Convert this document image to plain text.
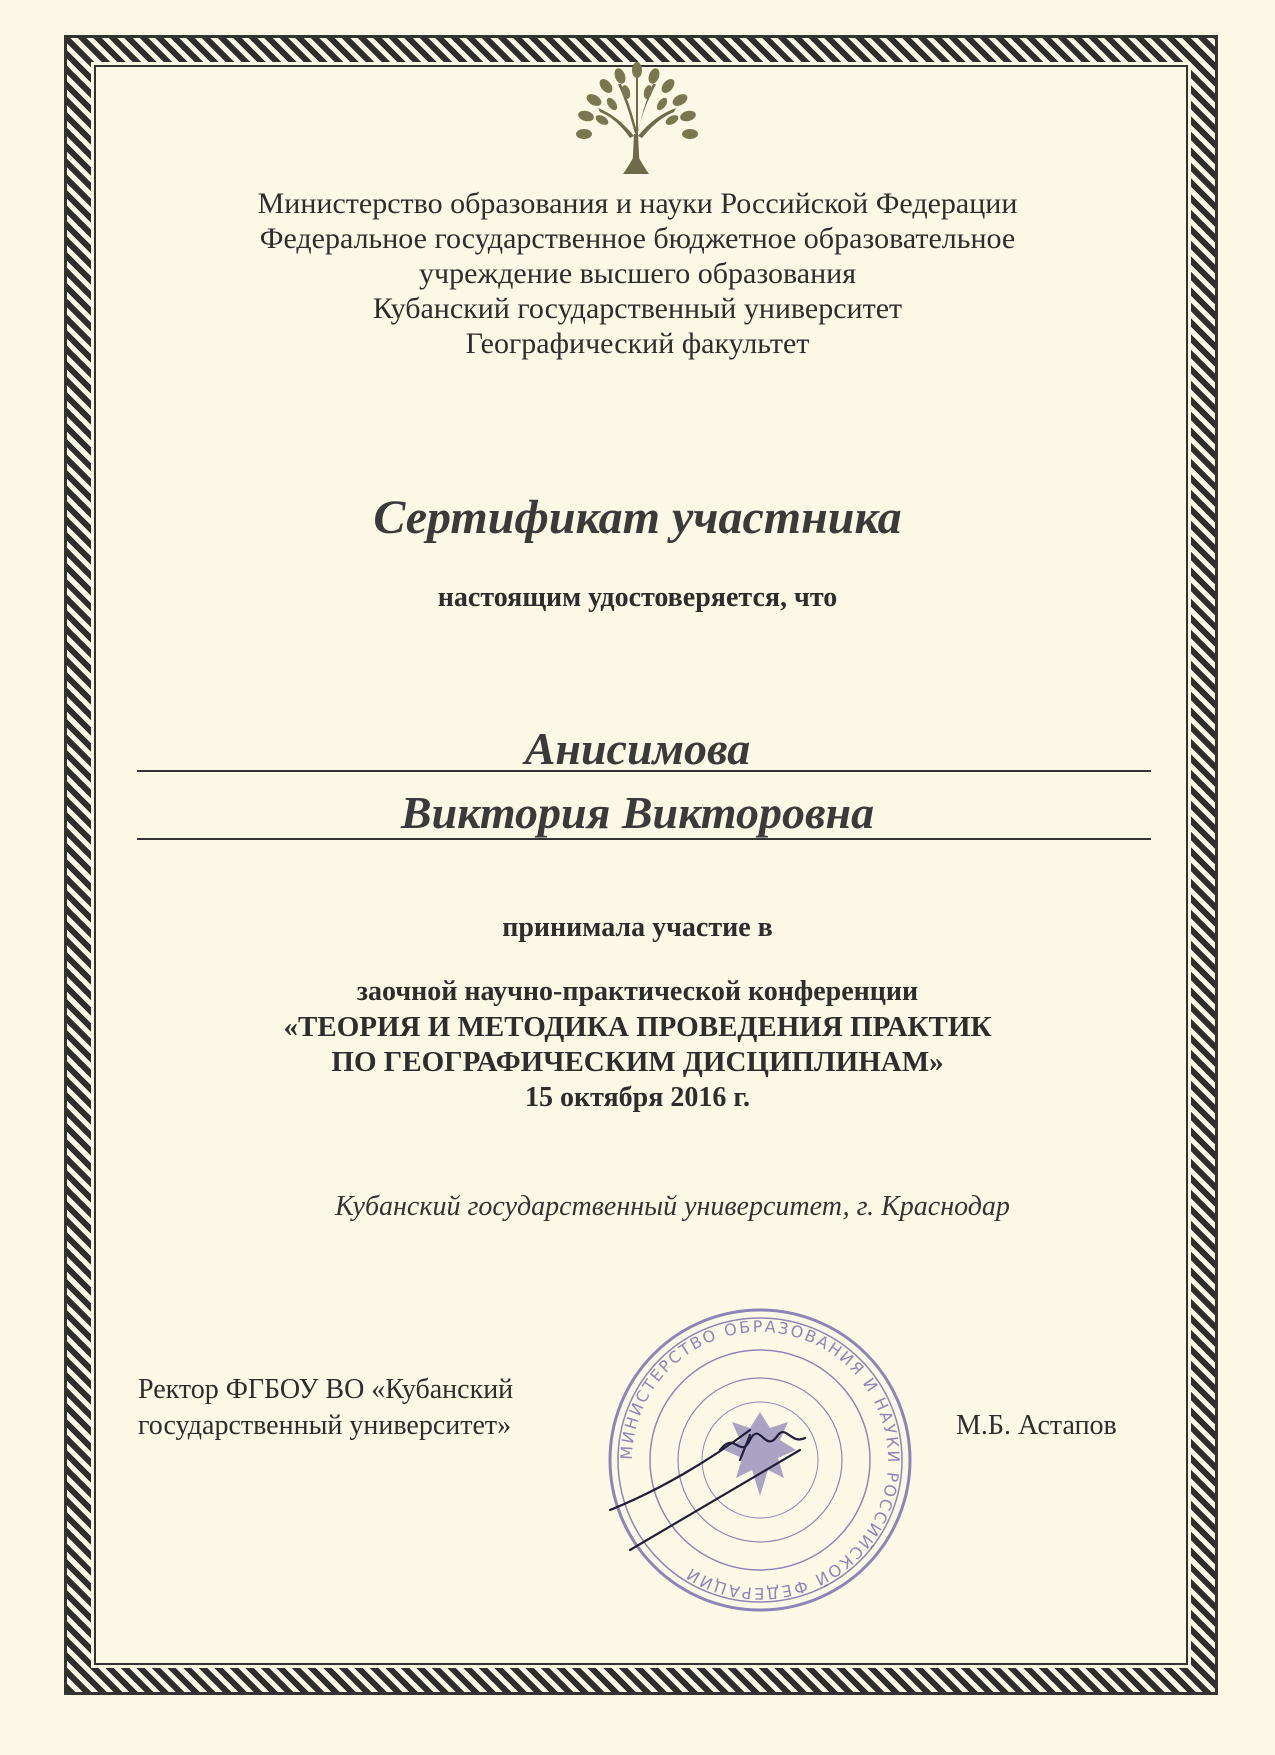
Министерство образования и науки Российской Федерации
Федеральное государственное бюджетное образовательное
учреждение высшего образования
Кубанский государственный университет
Географический факультет
Сертификат участника
настоящим удостоверяется, что
Анисимова
Виктория Викторовна
принимала участие в
заочной научно-практической конференции
«ТЕОРИЯ И МЕТОДИКА ПРОВЕДЕНИЯ ПРАКТИК
ПО ГЕОГРАФИЧЕСКИМ ДИСЦИПЛИНАМ»
15 октября 2016 г.
Кубанский государственный университет, г. Краснодар
Ректор ФГБОУ ВО «Кубанский
государственный университет»	М.Б. Астапов
МИНИСТЕРСТВО ОБРАЗОВАНИЯ И НАУКИ РОССИЙСКОЙ ФЕДЕРАЦИИ
